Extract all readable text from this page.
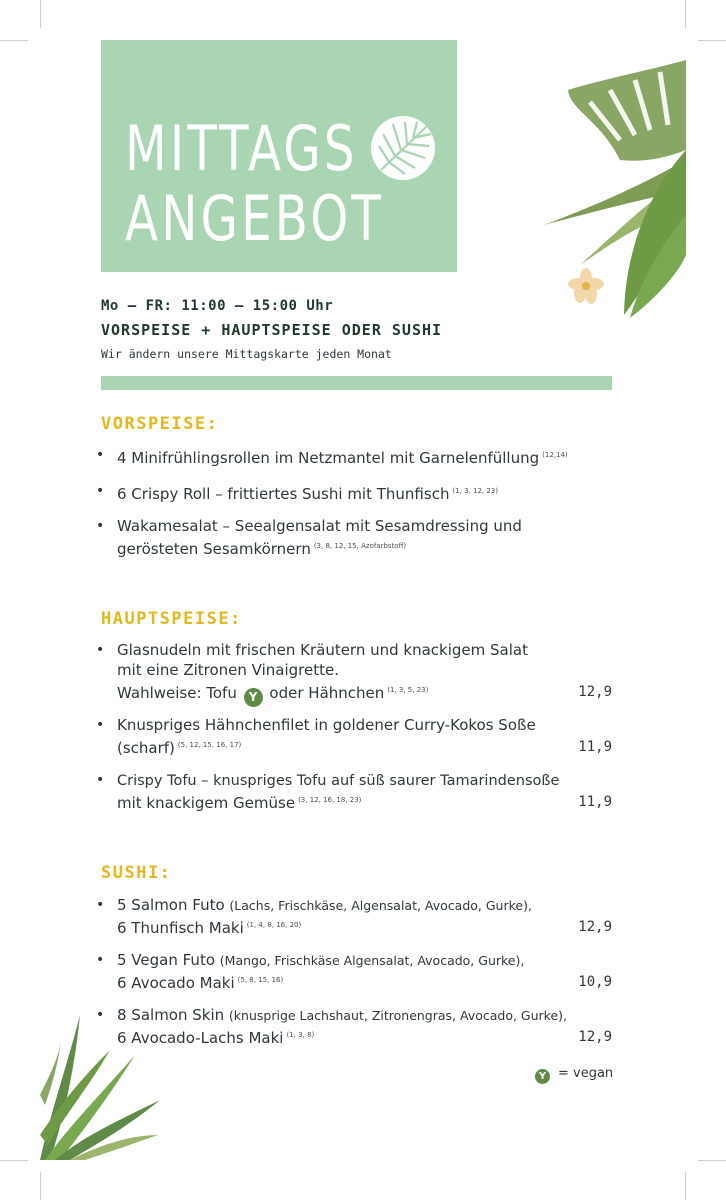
MITTAGS
ANGEBOT
Mo – FR: 11:00 – 15:00 Uhr
VORSPEISE + HAUPTSPEISE ODER SUSHI
Wir ändern unsere Mittagskarte jeden Monat
VORSPEISE:
• 4 Minifrühlingsrollen im Netzmantel mit Garnelenfüllung $^{(12,14)}$
• 6 Crispy Roll – frittiertes Sushi mit Thunfisch $^{(1, 3, 12, 23)}$
• Wakamesalat – Seealgensalat mit Sesamdressing und
gerösteten Sesamkörnern $^{(3, 8, 12, 15, Azofarbstoff)}$
HAUPTSPEISE:
• Glasnudeln mit frischen Kräutern und knackigem Salat
mit eine Zitronen Vinaigrette.
Wahlweise: Tofu Y oder Hähnchen $^{(1, 3, 5, 23)}$	12,9
• Knuspriges Hähnchenfilet in goldener Curry-Kokos Soße
(scharf) $^{(5, 12, 15, 16, 17)}$	11,9
• Crispy Tofu – knuspriges Tofu auf süß saurer Tamarindensoße
mit knackigem Gemüse $^{(3, 12, 16, 18, 23)}$	11,9
SUSHI:
• 5 Salmon Futo (Lachs, Frischkäse, Algensalat, Avocado, Gurke),
6 Thunfisch Maki $^{(1, 4, 8, 16, 20)}$	12,9
• 5 Vegan Futo (Mango, Frischkäse Algensalat, Avocado, Gurke),
6 Avocado Maki $^{(5, 8, 15, 16)}$	10,9
• 8 Salmon Skin (knusprige Lachshaut, Zitronengras, Avocado, Gurke),
6 Avocado-Lachs Maki $^{(1, 3, 8)}$	12,9
Y = vegan
